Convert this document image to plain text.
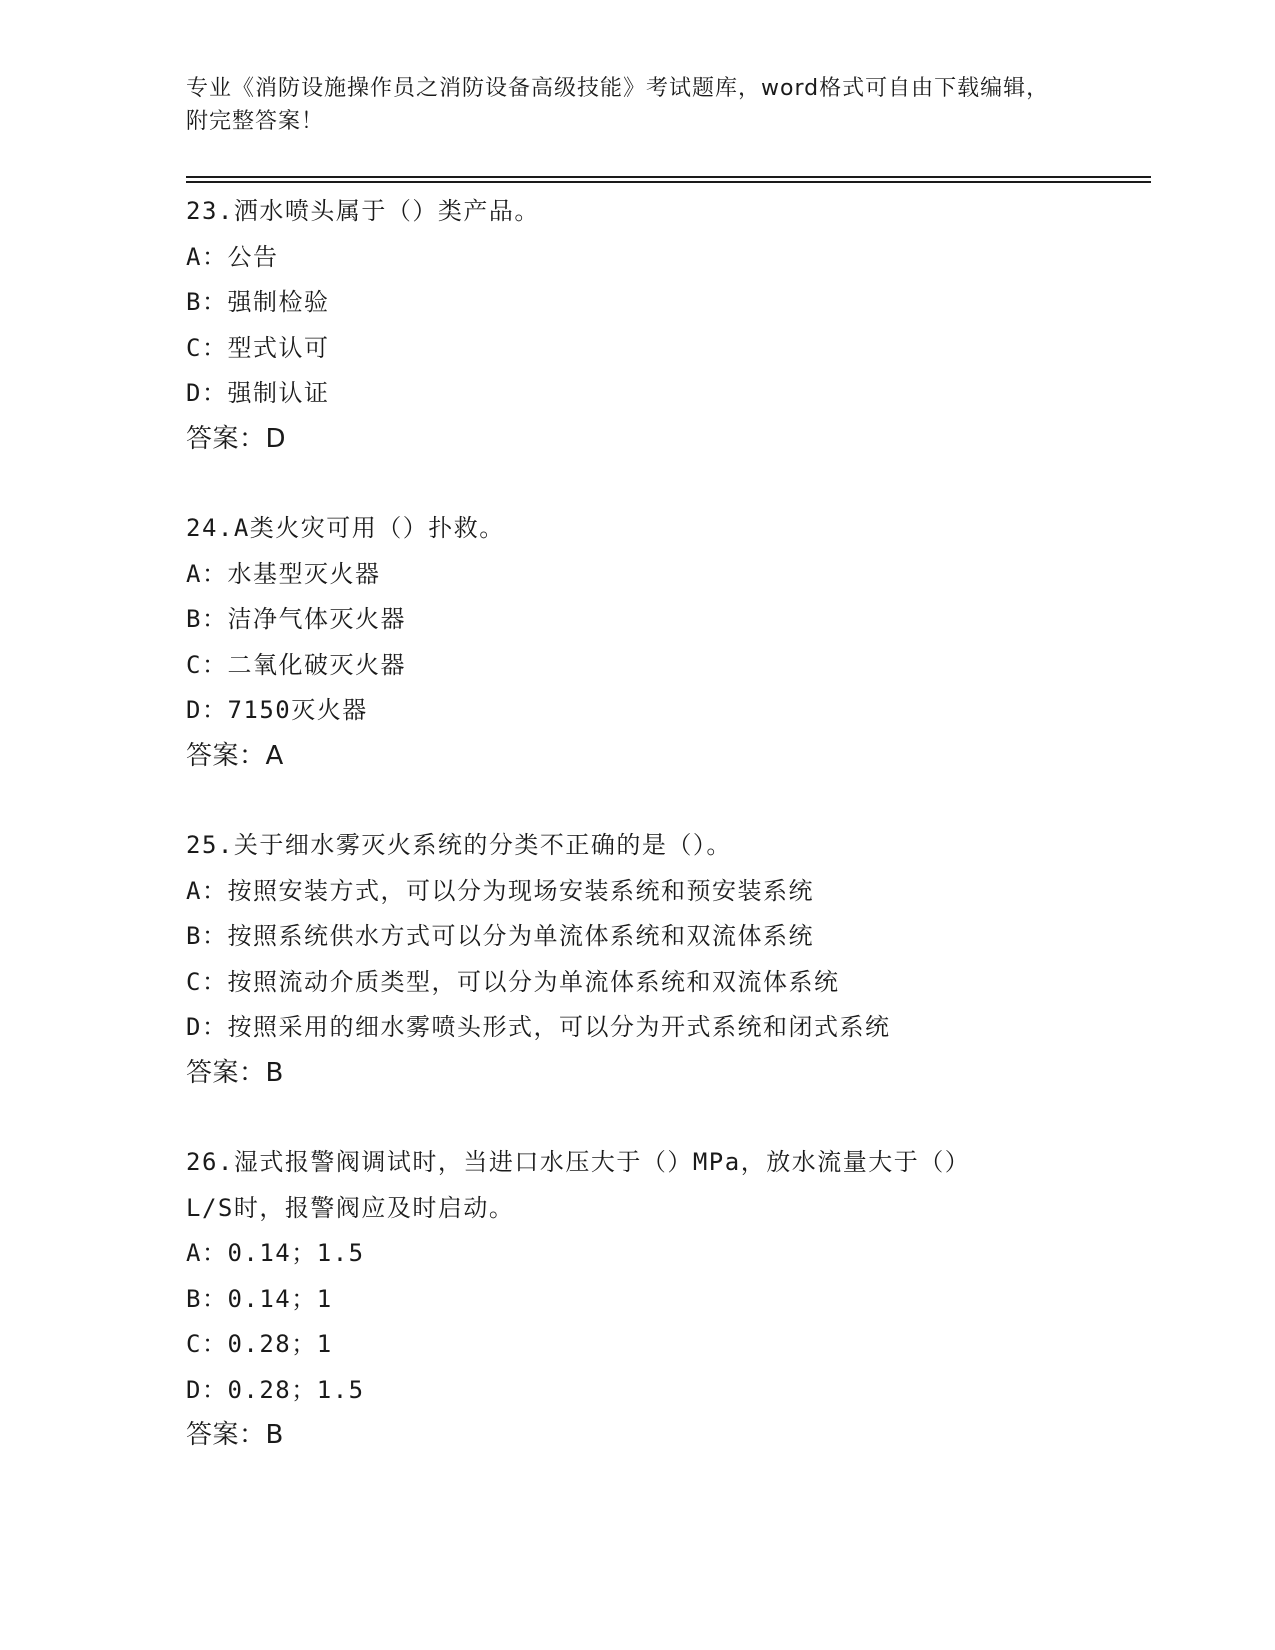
专业《消防设施操作员之消防设备高级技能》考试题库，word格式可自由下载编辑，附完整答案！
23.洒水喷头属于（）类产品。
A：公告
B：强制检验
C：型式认可
D：强制认证
答案：D
24.A类火灾可用（）扑救。
A：水基型灭火器
B：洁净气体灭火器
C：二氧化破灭火器
D：7150灭火器
答案：A
25.关于细水雾灭火系统的分类不正确的是（）。
A：按照安装方式，可以分为现场安装系统和预安装系统
B：按照系统供水方式可以分为单流体系统和双流体系统
C：按照流动介质类型，可以分为单流体系统和双流体系统
D：按照采用的细水雾喷头形式，可以分为开式系统和闭式系统
答案：B
26.湿式报警阀调试时，当进口水压大于（）MPa，放水流量大于（）
L/S时，报警阀应及时启动。
A：0.14；1.5
B：0.14；1
C：0.28；1
D：0.28；1.5
答案：B
